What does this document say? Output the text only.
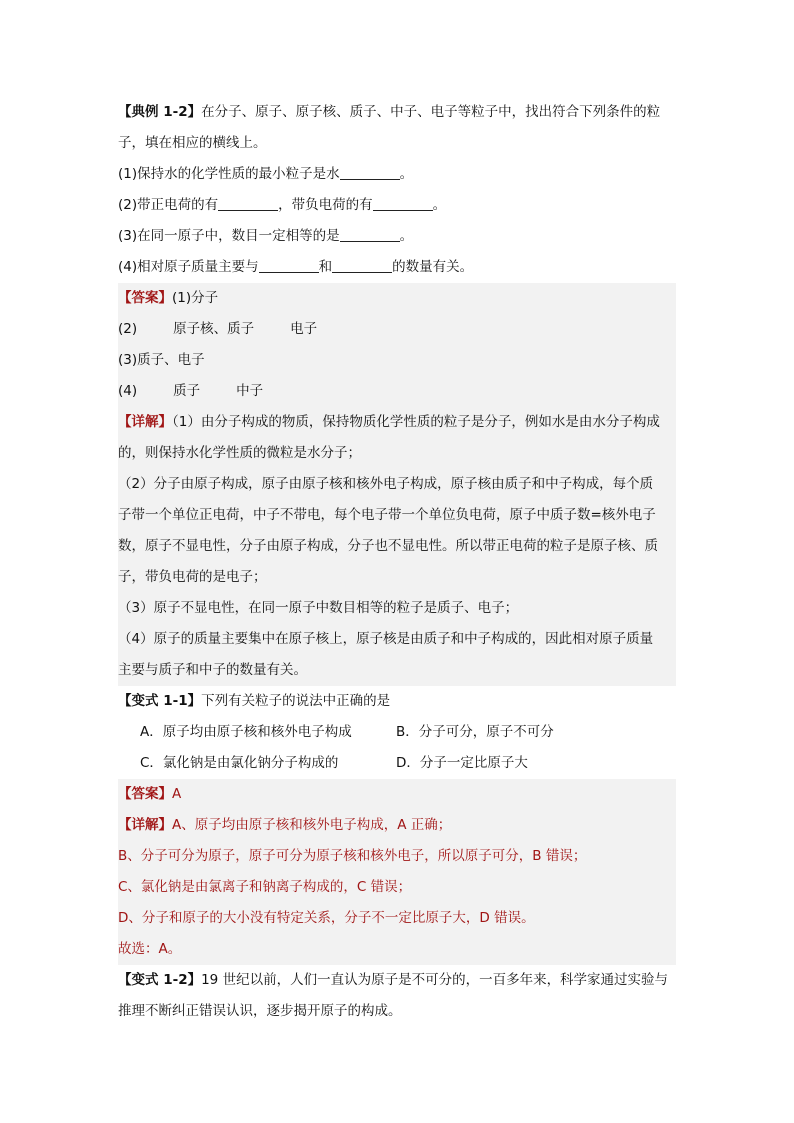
【典例 1-2】在分子、原子、原子核、质子、中子、电子等粒子中，找出符合下列条件的粒
子，填在相应的横线上。
(1)保持水的化学性质的最小粒子是水	。
(2)带正电荷的有	，带负电荷的有	。
(3)在同一原子中，数目一定相等的是	。
(4)相对原子质量主要与	和	的数量有关。
【答案】(1)分子
(2)	原子核、质子	电子
(3)质子、电子
(4)	质子	中子
【详解】（1）由分子构成的物质，保持物质化学性质的粒子是分子，例如水是由水分子构成
的，则保持水化学性质的微粒是水分子；
（2）分子由原子构成，原子由原子核和核外电子构成，原子核由质子和中子构成，每个质
子带一个单位正电荷，中子不带电，每个电子带一个单位负电荷，原子中质子数=核外电子
数，原子不显电性，分子由原子构成，分子也不显电性。所以带正电荷的粒子是原子核、质
子，带负电荷的是电子；
（3）原子不显电性，在同一原子中数目相等的粒子是质子、电子；
（4）原子的质量主要集中在原子核上，原子核是由质子和中子构成的，因此相对原子质量
主要与质子和中子的数量有关。
【变式 1-1】下列有关粒子的说法中正确的是
A．原子均由原子核和核外电子构成	B．分子可分，原子不可分
C．氯化钠是由氯化钠分子构成的	D．分子一定比原子大
【答案】A
【详解】A、原子均由原子核和核外电子构成，A 正确；
B、分子可分为原子，原子可分为原子核和核外电子，所以原子可分，B 错误；
C、氯化钠是由氯离子和钠离子构成的，C 错误；
D、分子和原子的大小没有特定关系，分子不一定比原子大，D 错误。
故选：A。
【变式 1-2】19 世纪以前，人们一直认为原子是不可分的，一百多年来，科学家通过实验与
推理不断纠正错误认识，逐步揭开原子的构成。
